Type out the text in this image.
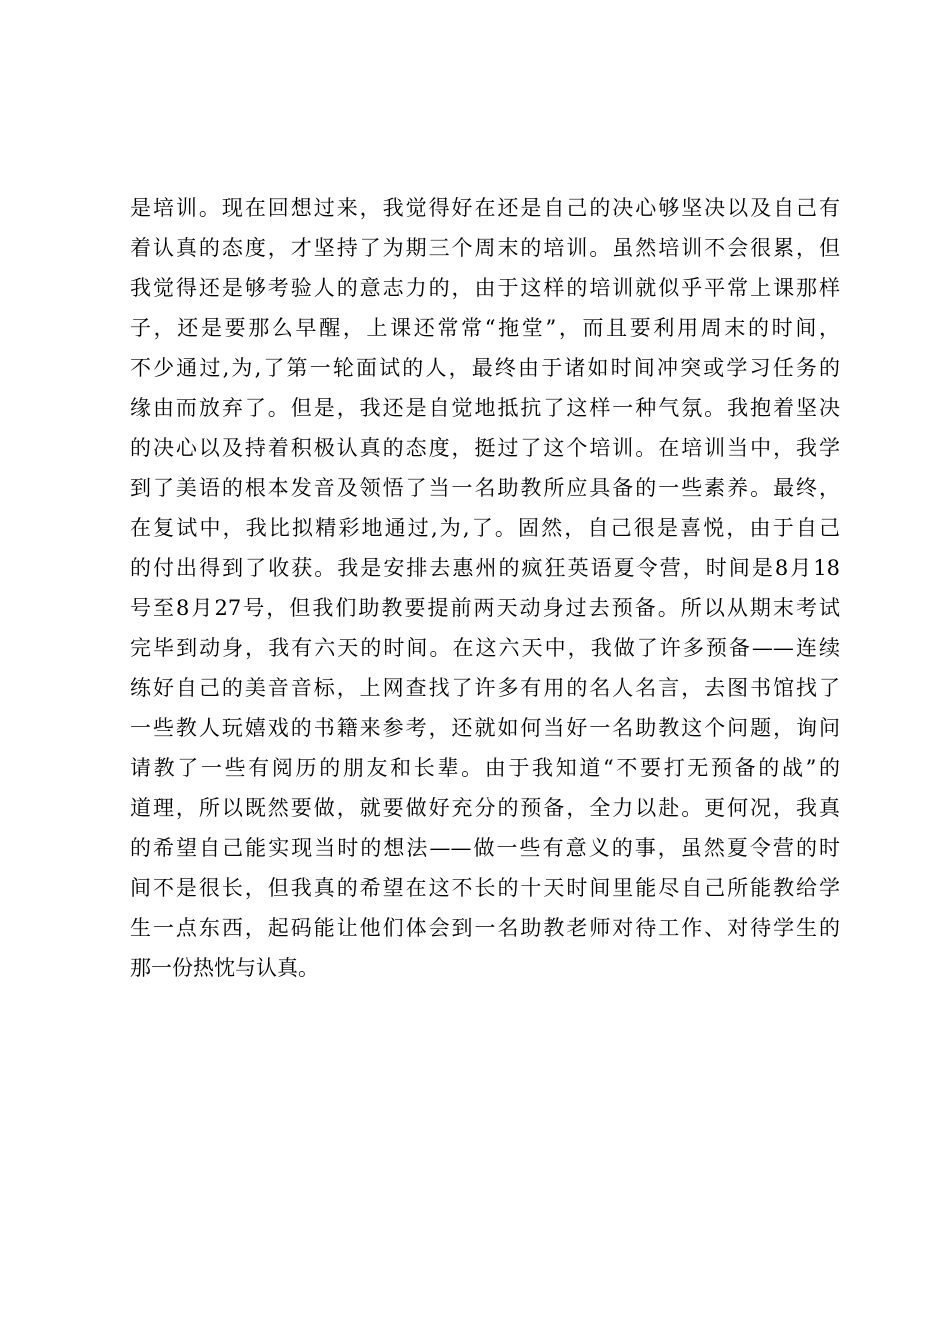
是培训。现在回想过来，我觉得好在还是自己的决心够坚决以及自己有
着认真的态度，才坚持了为期三个周末的培训。虽然培训不会很累，但
我觉得还是够考验人的意志力的，由于这样的培训就似乎平常上课那样
子，还是要那么早醒，上课还常常“拖堂”，而且要利用周末的时间，
不少通过,为,了第一轮面试的人，最终由于诸如时间冲突或学习任务的
缘由而放弃了。但是，我还是自觉地抵抗了这样一种气氛。我抱着坚决
的决心以及持着积极认真的态度，挺过了这个培训。在培训当中，我学
到了美语的根本发音及领悟了当一名助教所应具备的一些素养。最终，
在复试中，我比拟精彩地通过,为,了。固然，自己很是喜悦，由于自己
的付出得到了收获。我是安排去惠州的疯狂英语夏令营，时间是8月18
号至8月27号，但我们助教要提前两天动身过去预备。所以从期末考试
完毕到动身，我有六天的时间。在这六天中，我做了许多预备——连续
练好自己的美音音标，上网查找了许多有用的名人名言，去图书馆找了
一些教人玩嬉戏的书籍来参考，还就如何当好一名助教这个问题，询问
请教了一些有阅历的朋友和长辈。由于我知道“不要打无预备的战”的
道理，所以既然要做，就要做好充分的预备，全力以赴。更何况，我真
的希望自己能实现当时的想法——做一些有意义的事，虽然夏令营的时
间不是很长，但我真的希望在这不长的十天时间里能尽自己所能教给学
生一点东西，起码能让他们体会到一名助教老师对待工作、对待学生的
那一份热忱与认真。
